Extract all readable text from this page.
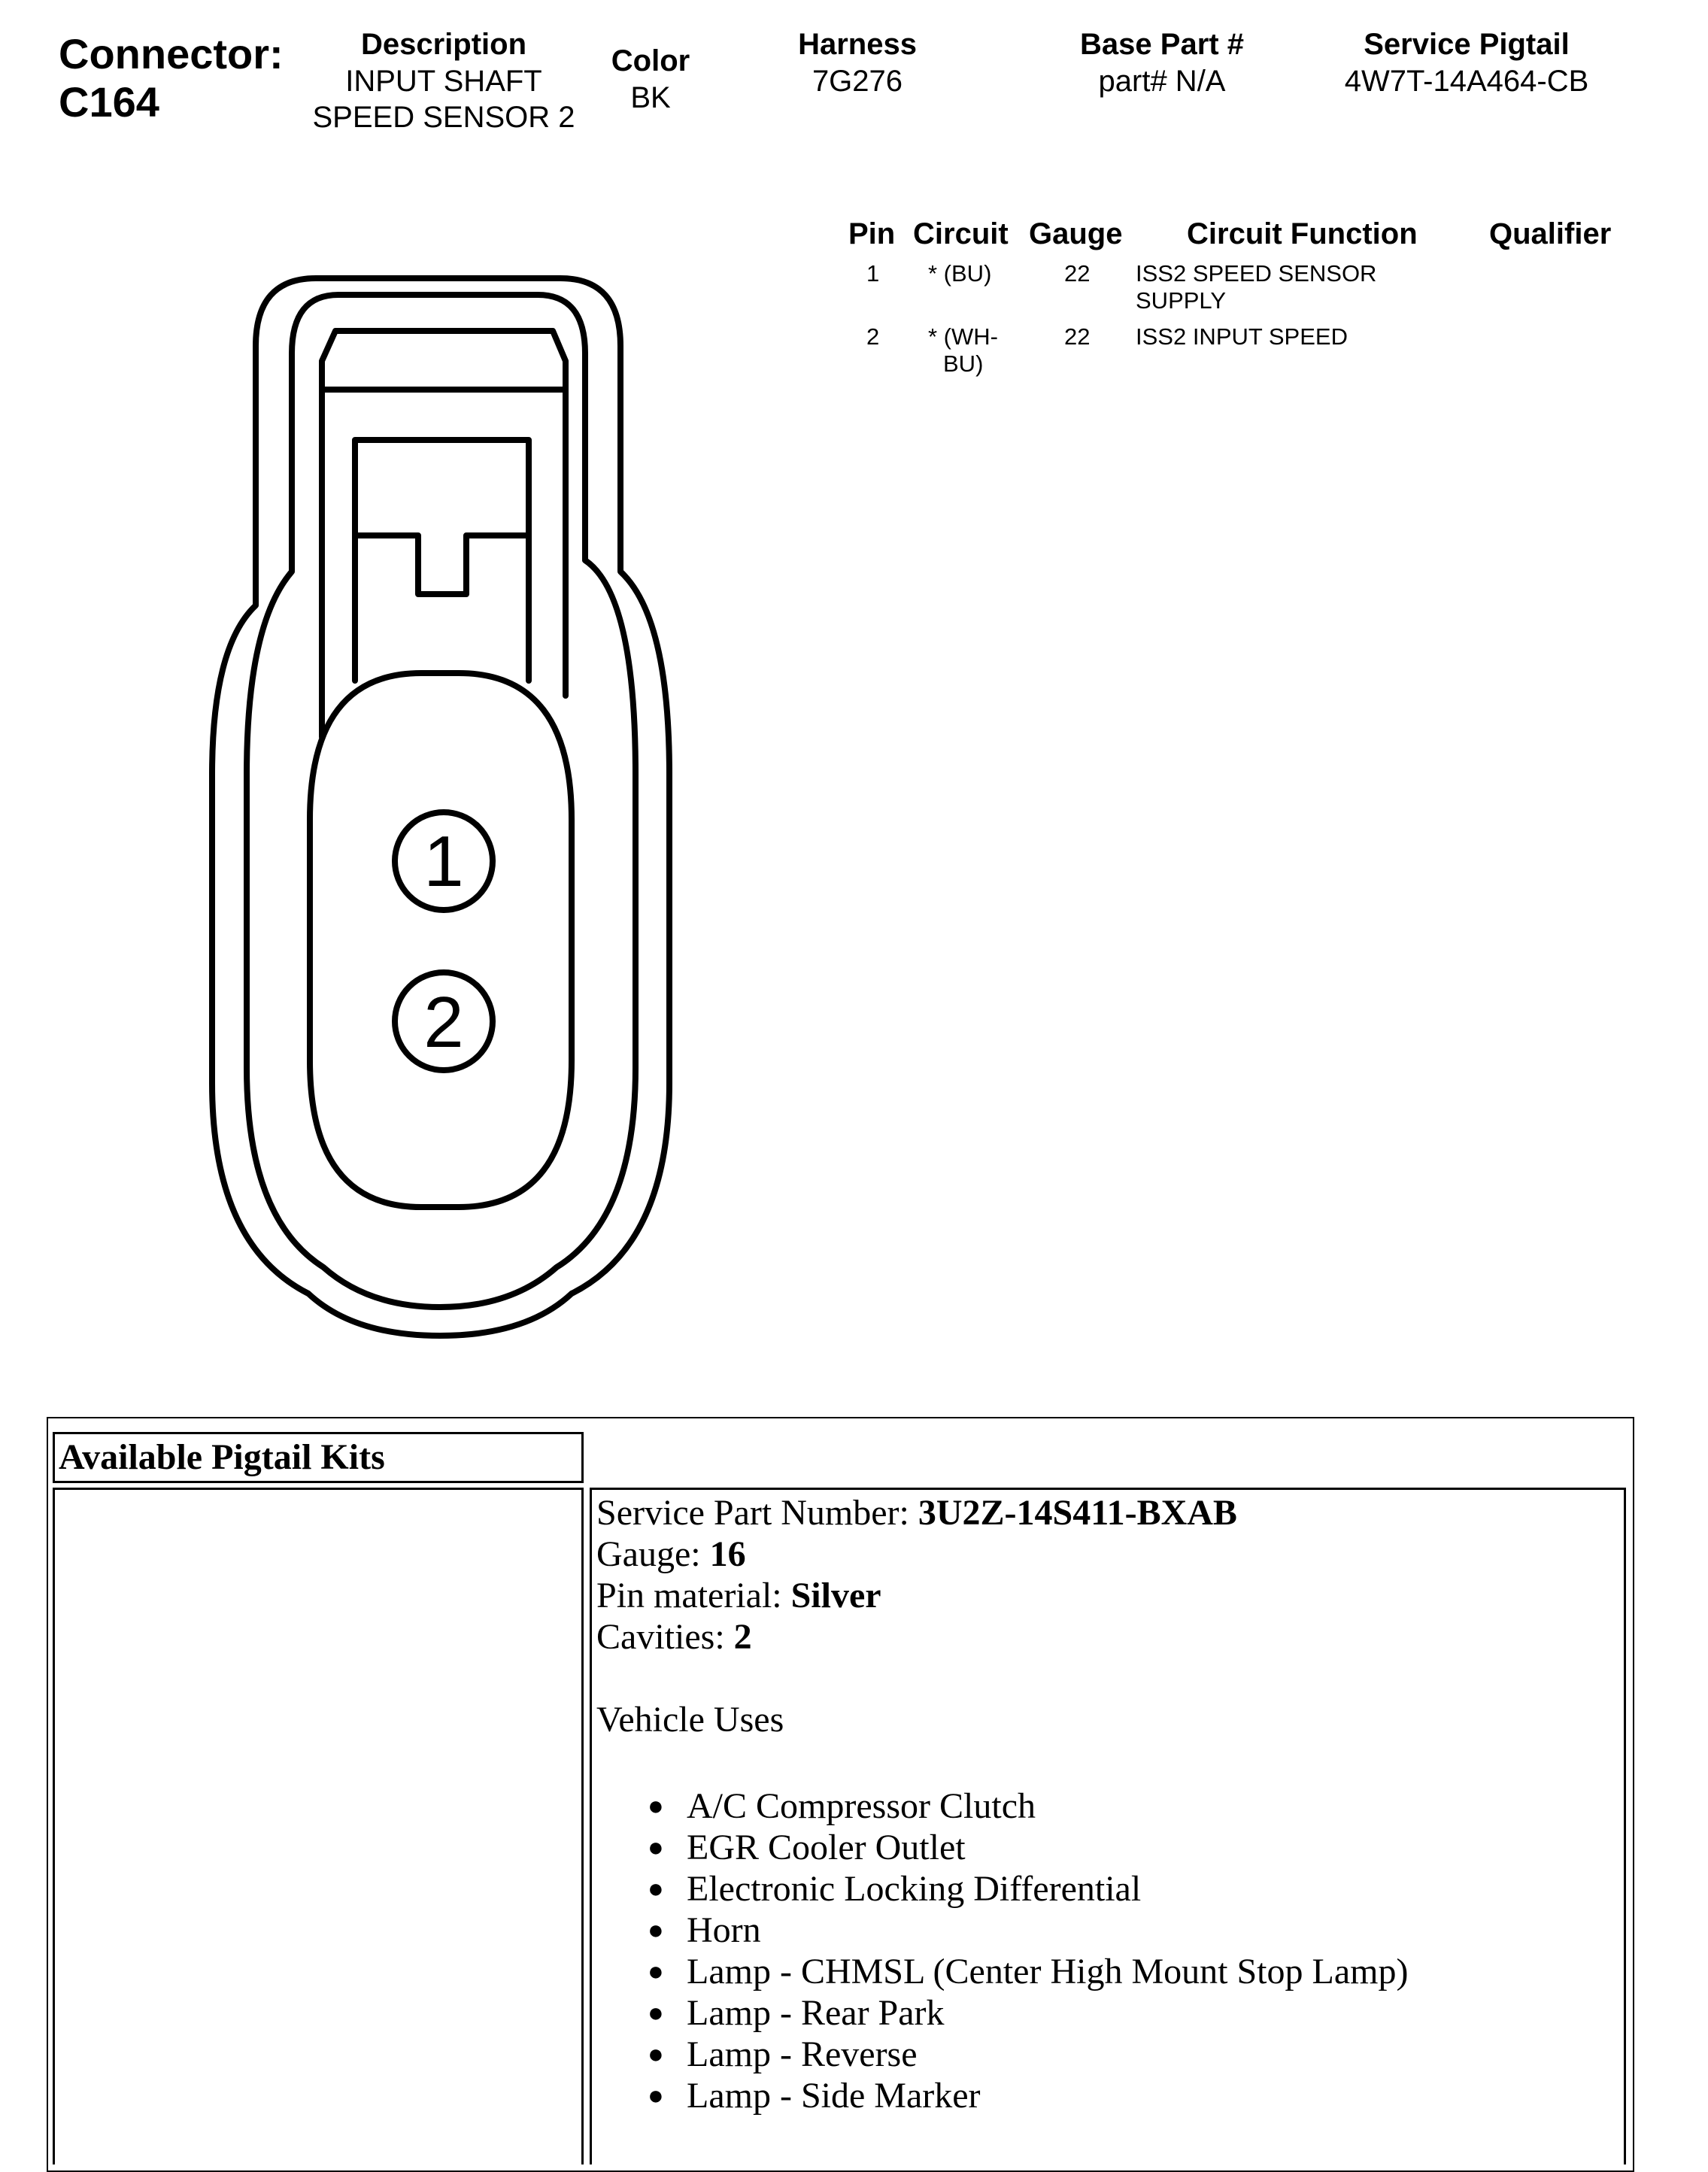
Connector:
C164
Description
INPUT SHAFT
SPEED SENSOR 2
Color
BK
Harness
7G276
Base Part #
part# N/A
Service Pigtail
4W7T-14A464-CB
Pin Circuit Gauge Circuit Function Qualifier
1 * (BU)	22 ISS2 SPEED SENSOR
SUPPLY
2 * (WH-
BU)
22 ISS2 INPUT SPEED
1
2
Available Pigtail Kits
Service Part Number: 3U2Z-14S411-BXAB
Gauge: 16
Pin material: Silver
Cavities: 2
Vehicle Uses
● A/C Compressor Clutch
● EGR Cooler Outlet
● Electronic Locking Differential
● Horn
● Lamp - CHMSL (Center High Mount Stop Lamp)
● Lamp - Rear Park
● Lamp - Reverse
● Lamp - Side Marker
